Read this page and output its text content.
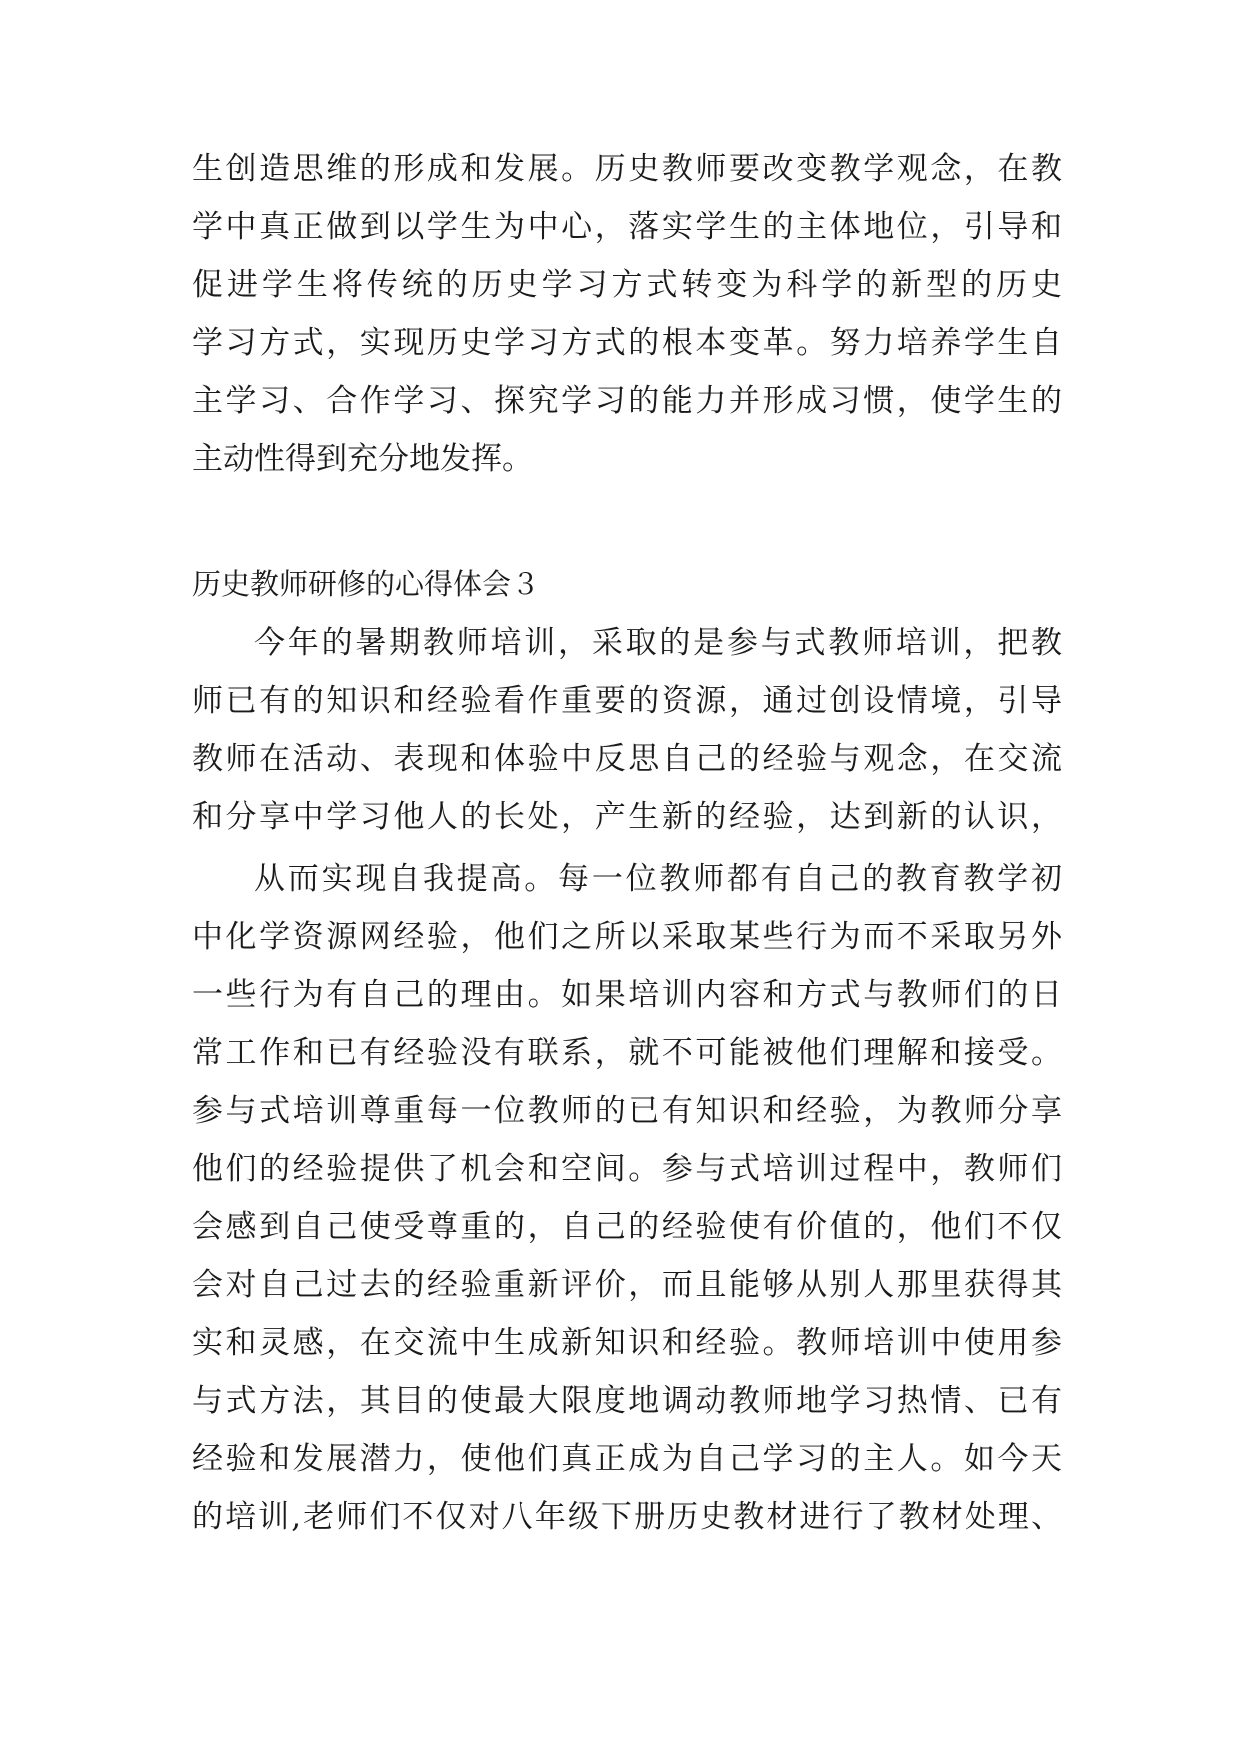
生创造思维的形成和发展。历史教师要改变教学观念，在教
学中真正做到以学生为中心，落实学生的主体地位，引导和
促进学生将传统的历史学习方式转变为科学的新型的历史
学习方式，实现历史学习方式的根本变革。努力培养学生自
主学习、合作学习、探究学习的能力并形成习惯，使学生的
主动性得到充分地发挥。
历史教师研修的心得体会３
今年的暑期教师培训，采取的是参与式教师培训，把教
师已有的知识和经验看作重要的资源，通过创设情境，引导
教师在活动、表现和体验中反思自己的经验与观念，在交流
和分享中学习他人的长处，产生新的经验，达到新的认识，
从而实现自我提高。每一位教师都有自己的教育教学初
中化学资源网经验，他们之所以采取某些行为而不采取另外
一些行为有自己的理由。如果培训内容和方式与教师们的日
常工作和已有经验没有联系，就不可能被他们理解和接受。
参与式培训尊重每一位教师的已有知识和经验，为教师分享
他们的经验提供了机会和空间。参与式培训过程中，教师们
会感到自己使受尊重的，自己的经验使有价值的，他们不仅
会对自己过去的经验重新评价，而且能够从别人那里获得其
实和灵感，在交流中生成新知识和经验。教师培训中使用参
与式方法，其目的使最大限度地调动教师地学习热情、已有
经验和发展潜力，使他们真正成为自己学习的主人。如今天
的培训,老师们不仅对八年级下册历史教材进行了教材处理、
